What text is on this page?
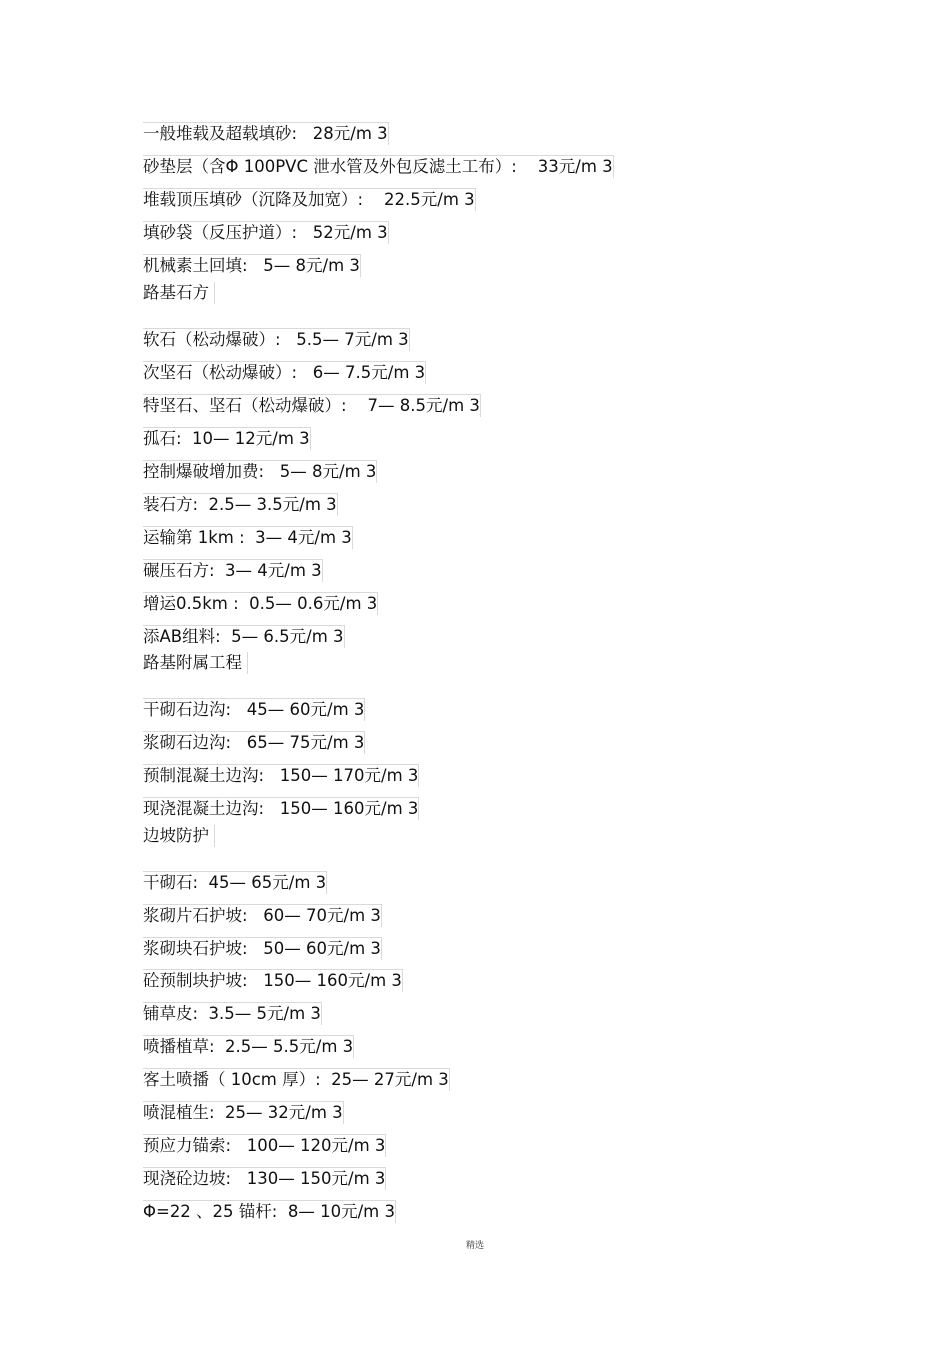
一般堆载及超载填砂:   28元/m 3
砂垫层（含Φ 100PVC 泄水管及外包反滤土工布）:    33元/m 3
堆载顶压填砂（沉降及加宽）:    22.5元/m 3
填砂袋（反压护道）:   52元/m 3
机械素土回填:   5— 8元/m 3
路基石方
软石（松动爆破）:   5.5— 7元/m 3
次坚石（松动爆破）:   6— 7.5元/m 3
特坚石、坚石（松动爆破）:    7— 8.5元/m 3
孤石:  10— 12元/m 3
控制爆破增加费:   5— 8元/m 3
装石方:  2.5— 3.5元/m 3
运输第 1km :  3— 4元/m 3
碾压石方:  3— 4元/m 3
增运0.5km :  0.5— 0.6元/m 3
添AB组料:  5— 6.5元/m 3
路基附属工程
干砌石边沟:   45— 60元/m 3
浆砌石边沟:   65— 75元/m 3
预制混凝土边沟:   150— 170元/m 3
现浇混凝土边沟:   150— 160元/m 3
边坡防护
干砌石:  45— 65元/m 3
浆砌片石护坡:   60— 70元/m 3
浆砌块石护坡:   50— 60元/m 3
砼预制块护坡:   150— 160元/m 3
铺草皮:  3.5— 5元/m 3
喷播植草:  2.5— 5.5元/m 3
客土喷播（ 10cm 厚）:  25— 27元/m 3
喷混植生:  25— 32元/m 3
预应力锚索:   100— 120元/m 3
现浇砼边坡:   130— 150元/m 3
Φ=22 、25 锚杆:  8— 10元/m 3
精选
